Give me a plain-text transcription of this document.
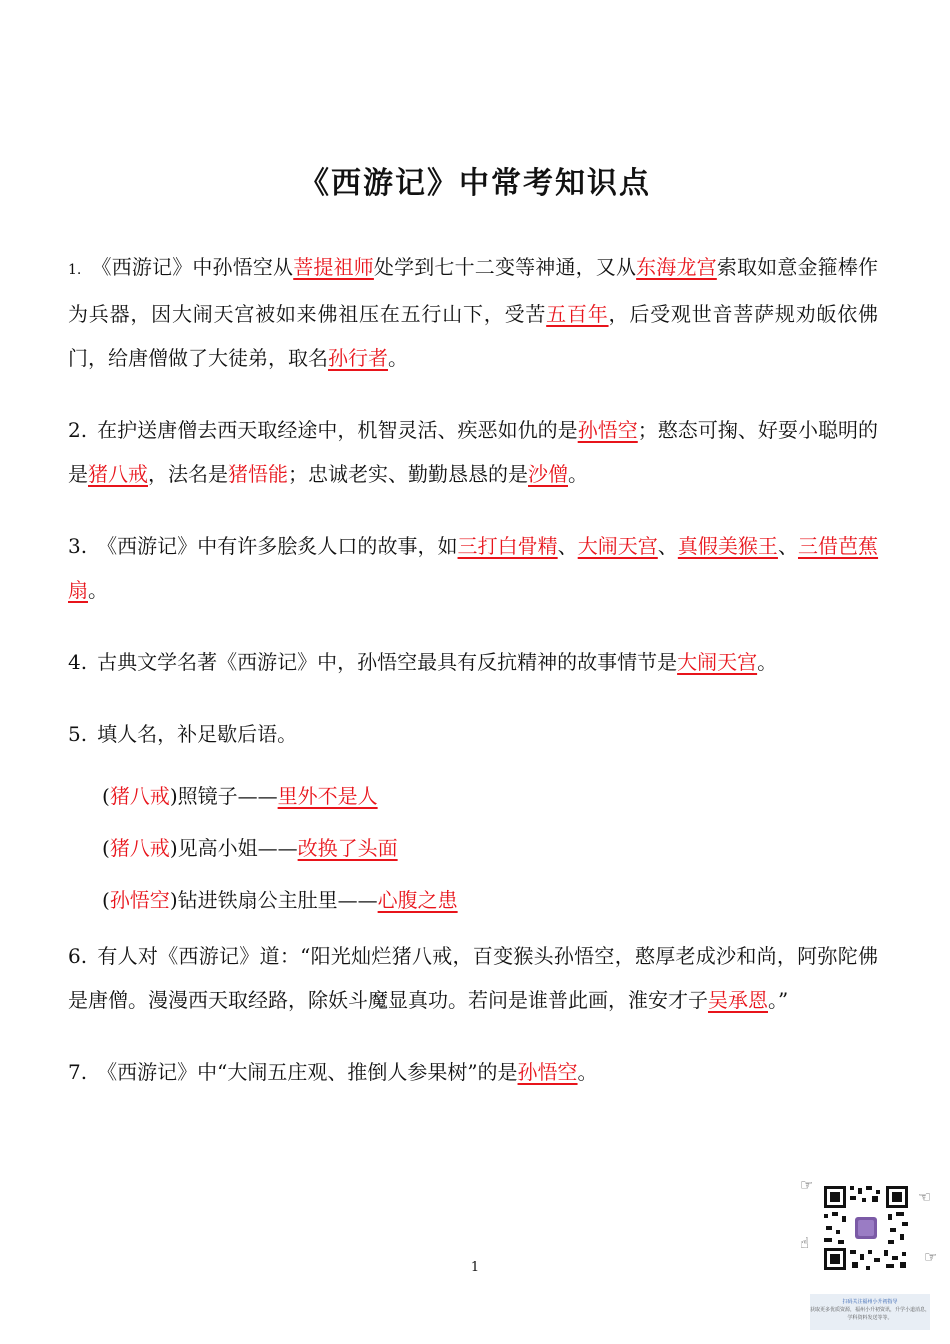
《西游记》中常考知识点

1. 《西游记》中孙悟空从菩提祖师处学到七十二变等神通，又从东海龙宫索取如意金箍棒作为兵器，因大闹天宫被如来佛祖压在五行山下，受苦五百年，后受观世音菩萨规劝皈依佛门，给唐僧做了大徒弟，取名孙行者。

2. 在护送唐僧去西天取经途中，机智灵活、疾恶如仇的是孙悟空；憨态可掬、好耍小聪明的是猪八戒，法名是猪悟能；忠诚老实、勤勤恳恳的是沙僧。

3. 《西游记》中有许多脍炙人口的故事，如三打白骨精、大闹天宫、真假美猴王、三借芭蕉扇。

4. 古典文学名著《西游记》中，孙悟空最具有反抗精神的故事情节是大闹天宫。

5. 填人名，补足歇后语。

(猪八戒)照镜子——里外不是人
(猪八戒)见高小姐——改换了头面
(孙悟空)钻进铁扇公主肚里——心腹之患

6. 有人对《西游记》道：“阳光灿烂猪八戒，百变猴头孙悟空，憨厚老成沙和尚，阿弥陀佛是唐僧。漫漫西天取经路，除妖斗魔显真功。若问是谁普此画，淮安才子吴承恩。”

7. 《西游记》中“大闹五庄观、推倒人参果树”的是孙悟空。

1
☞
☜
☝
☞
扫码关注福州小升初指导
获取更多优质资源，福州小升初资讯，升学小道消息，学科资料发送等等。
